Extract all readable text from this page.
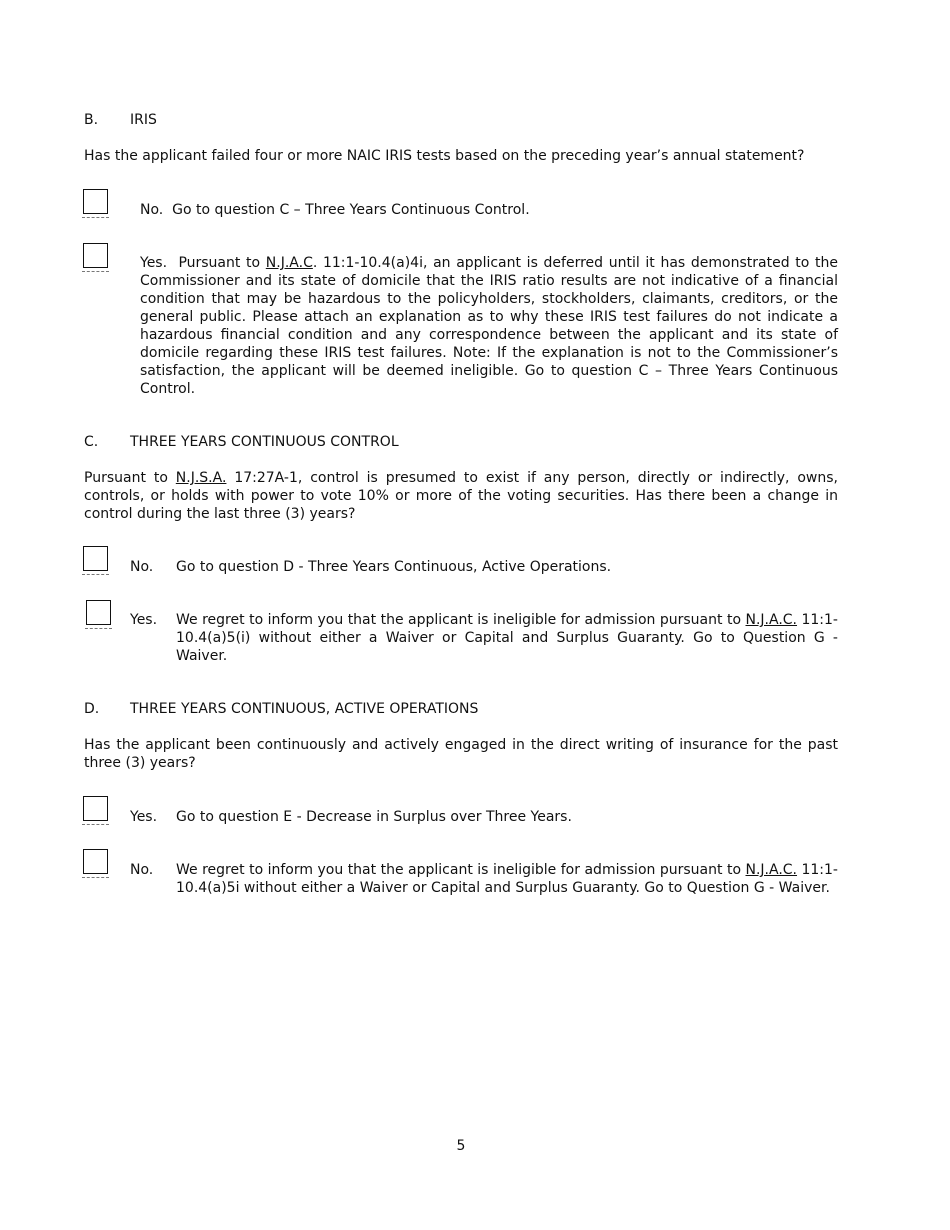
B. IRIS
Has the applicant failed four or more NAIC IRIS tests based on the preceding year’s annual statement?
No. Go to question C – Three Years Continuous Control.
Yes. Pursuant to N.J.A.C. 11:1-10.4(a)4i, an applicant is deferred until it has demonstrated to the Commissioner and its state of domicile that the IRIS ratio results are not indicative of a financial condition that may be hazardous to the policyholders, stockholders, claimants, creditors, or the general public. Please attach an explanation as to why these IRIS test failures do not indicate a hazardous financial condition and any correspondence between the applicant and its state of domicile regarding these IRIS test failures. Note: If the explanation is not to the Commissioner’s satisfaction, the applicant will be deemed ineligible. Go to question C – Three Years Continuous Control.
C. THREE YEARS CONTINUOUS CONTROL
Pursuant to N.J.S.A. 17:27A-1, control is presumed to exist if any person, directly or indirectly, owns, controls, or holds with power to vote 10% or more of the voting securities. Has there been a change in control during the last three (3) years?
No. Go to question D - Three Years Continuous, Active Operations.
Yes. We regret to inform you that the applicant is ineligible for admission pursuant to N.J.A.C. 11:1-10.4(a)5(i) without either a Waiver or Capital and Surplus Guaranty. Go to Question G - Waiver.
D. THREE YEARS CONTINUOUS, ACTIVE OPERATIONS
Has the applicant been continuously and actively engaged in the direct writing of insurance for the past three (3) years?
Yes. Go to question E - Decrease in Surplus over Three Years.
No. We regret to inform you that the applicant is ineligible for admission pursuant to N.J.A.C. 11:1-10.4(a)5i without either a Waiver or Capital and Surplus Guaranty. Go to Question G - Waiver.
5
